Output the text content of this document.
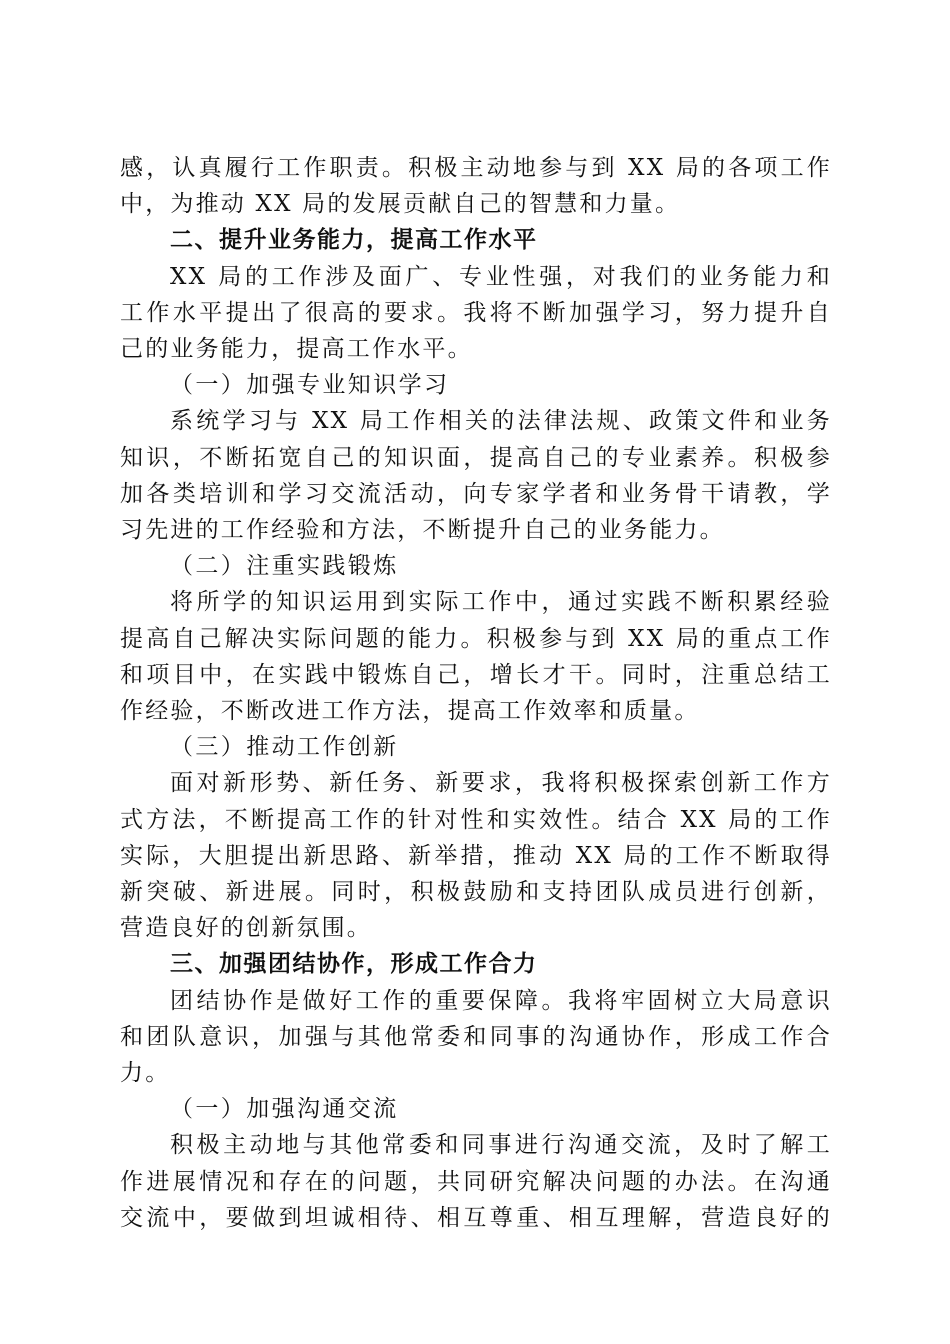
感，认真履行工作职责。积极主动地参与到 XX 局的各项工作
中，为推动 XX 局的发展贡献自己的智慧和力量。
二、提升业务能力，提高工作水平
XX 局的工作涉及面广、专业性强，对我们的业务能力和
工作水平提出了很高的要求。我将不断加强学习，努力提升自
己的业务能力，提高工作水平。
（一）加强专业知识学习
系统学习与 XX 局工作相关的法律法规、政策文件和业务
知识，不断拓宽自己的知识面，提高自己的专业素养。积极参
加各类培训和学习交流活动，向专家学者和业务骨干请教，学
习先进的工作经验和方法，不断提升自己的业务能力。
（二）注重实践锻炼
将所学的知识运用到实际工作中，通过实践不断积累经验
提高自己解决实际问题的能力。积极参与到 XX 局的重点工作
和项目中，在实践中锻炼自己，增长才干。同时，注重总结工
作经验，不断改进工作方法，提高工作效率和质量。
（三）推动工作创新
面对新形势、新任务、新要求，我将积极探索创新工作方
式方法，不断提高工作的针对性和实效性。结合 XX 局的工作
实际，大胆提出新思路、新举措，推动 XX 局的工作不断取得
新突破、新进展。同时，积极鼓励和支持团队成员进行创新，
营造良好的创新氛围。
三、加强团结协作，形成工作合力
团结协作是做好工作的重要保障。我将牢固树立大局意识
和团队意识，加强与其他常委和同事的沟通协作，形成工作合
力。
（一）加强沟通交流
积极主动地与其他常委和同事进行沟通交流，及时了解工
作进展情况和存在的问题，共同研究解决问题的办法。在沟通
交流中，要做到坦诚相待、相互尊重、相互理解，营造良好的
